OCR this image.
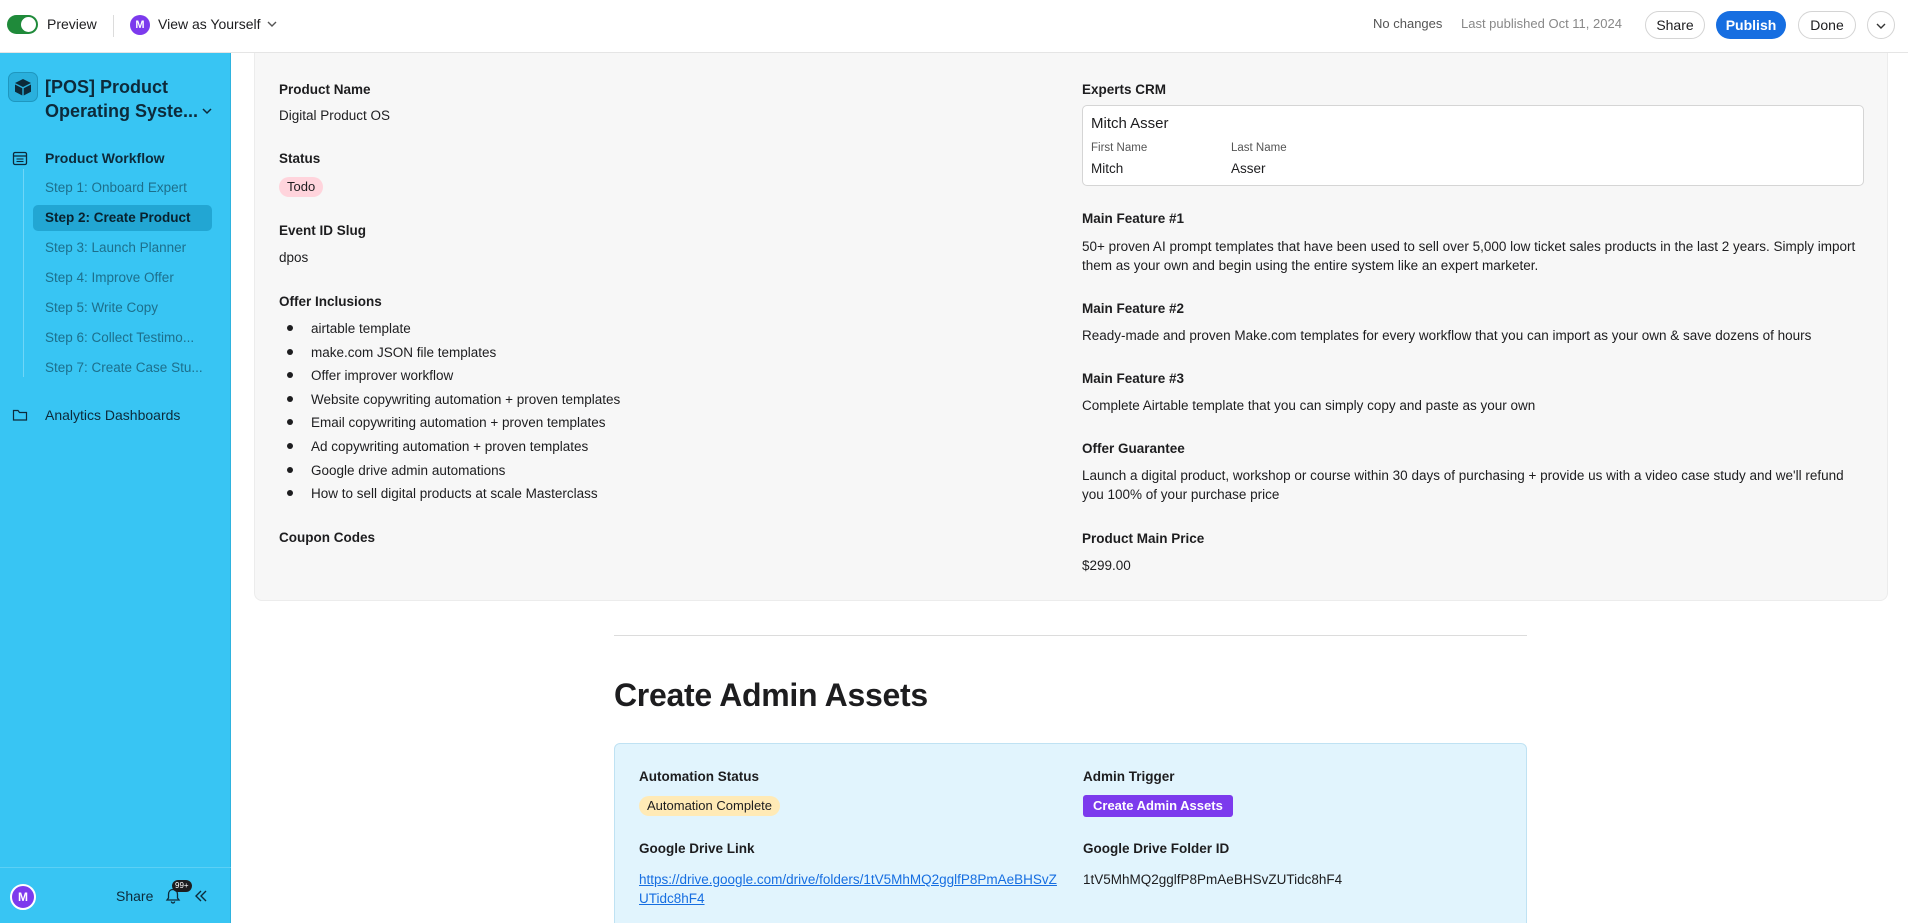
Preview	M View as Yourself	No changes Last published Oct 11, 2024	Share	Publish	Done
[POS] Product Operating Syste...
Product Workflow
Step 1: Onboard Expert
Step 2: Create Product
Step 3: Launch Planner
Step 4: Improve Offer
Step 5: Write Copy
Step 6: Collect Testimo...
Step 7: Create Case Stu...
Analytics Dashboards
M	Share
99+
Product Name
Digital Product OS
Status
Todo
Event ID Slug
dpos
Offer Inclusions
airtable template
make.com JSON file templates
Offer improver workflow
Website copywriting automation + proven templates
Email copywriting automation + proven templates
Ad copywriting automation + proven templates
Google drive admin automations
How to sell digital products at scale Masterclass
Coupon Codes
Experts CRM
Mitch Asser
First Name
Mitch
Last Name
Asser
Main Feature #1
50+ proven AI prompt templates that have been used to sell over 5,000 low ticket sales products in the last 2 years. Simply import them as your own and begin using the entire system like an expert marketer.
Main Feature #2
Ready-made and proven Make.com templates for every workflow that you can import as your own & save dozens of hours
Main Feature #3
Complete Airtable template that you can simply copy and paste as your own
Offer Guarantee
Launch a digital product, workshop or course within 30 days of purchasing + provide us with a video case study and we'll refund you 100% of your purchase price
Product Main Price
$299.00
Create Admin Assets
Automation Status
Automation Complete
Admin Trigger
Create Admin Assets
Google Drive Link
https://drive.google.com/drive/folders/1tV5MhMQ2gglfP8PmAeBHSvZUTidc8hF4
Google Drive Folder ID
1tV5MhMQ2gglfP8PmAeBHSvZUTidc8hF4
